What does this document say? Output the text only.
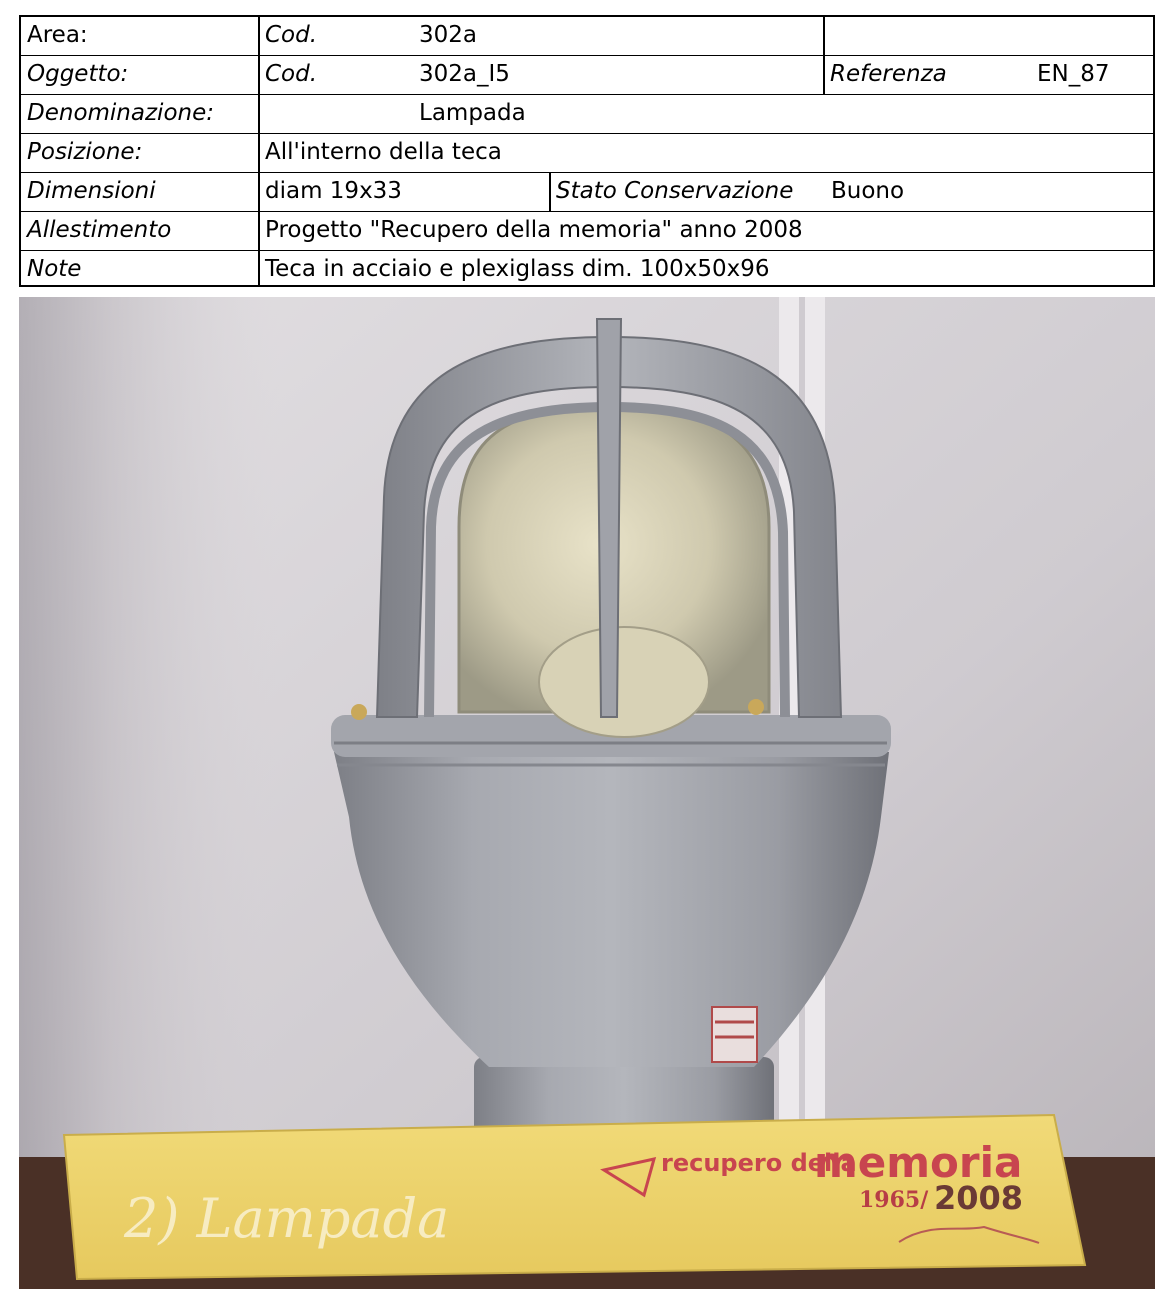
Area:	Cod.	302a
Oggetto:	Cod.	302a_I5	Referenza	EN_87
Denominazione:	Lampada
Posizione:	All'interno della teca
Dimensioni	diam 19x33	Stato Conservazione	Buono
Allestimento	Progetto "Recupero della memoria" anno 2008
Note	Teca in acciaio e plexiglass dim. 100x50x96
2) Lampada
recupero della
memoria
1965/ 2008
